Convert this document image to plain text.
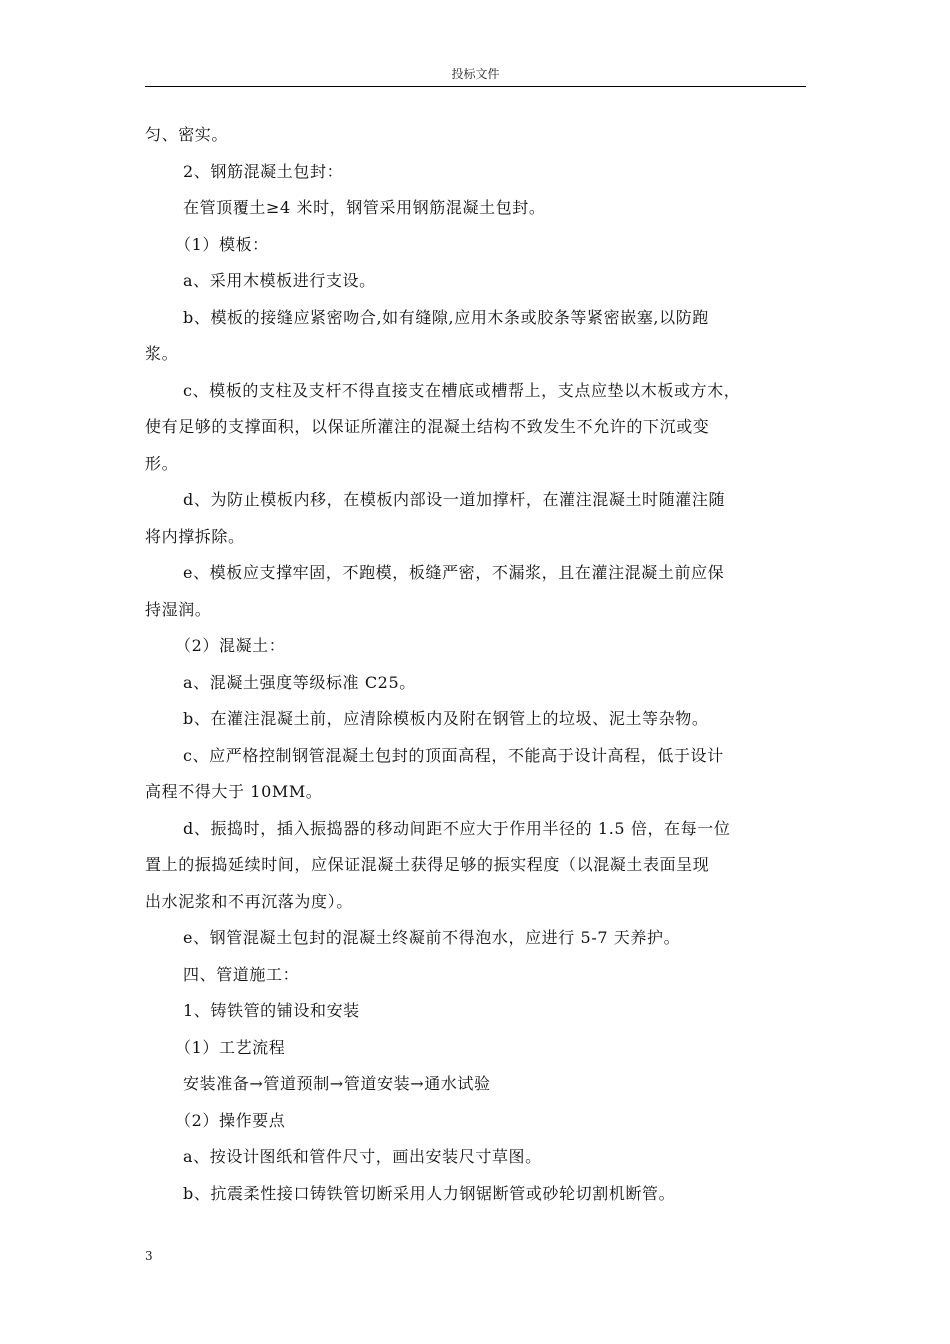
投标文件

匀、密实。

2、钢筋混凝土包封：

在管顶覆土≥4 米时，钢管采用钢筋混凝土包封。

（1）模板：

a、采用木模板进行支设。

b、模板的接缝应紧密吻合,如有缝隙,应用木条或胶条等紧密嵌塞,以防跑

浆。

c、模板的支柱及支杆不得直接支在槽底或槽帮上，支点应垫以木板或方木，

使有足够的支撑面积，以保证所灌注的混凝土结构不致发生不允许的下沉或变

形。

d、为防止模板内移，在模板内部设一道加撑杆，在灌注混凝土时随灌注随

将内撑拆除。

e、模板应支撑牢固，不跑模，板缝严密，不漏浆，且在灌注混凝土前应保

持湿润。

（2）混凝土：

a、混凝土强度等级标准 C25。

b、在灌注混凝土前，应清除模板内及附在钢管上的垃圾、泥土等杂物。

c、应严格控制钢管混凝土包封的顶面高程，不能高于设计高程，低于设计

高程不得大于 10MM。

d、振捣时，插入振捣器的移动间距不应大于作用半径的 1.5 倍，在每一位

置上的振捣延续时间，应保证混凝土获得足够的振实程度（以混凝土表面呈现

出水泥浆和不再沉落为度）。

e、钢管混凝土包封的混凝土终凝前不得泡水，应进行 5-7 天养护。

四、管道施工：

1、铸铁管的铺设和安装

（1）工艺流程

安装准备→管道预制→管道安装→通水试验

（2）操作要点

a、按设计图纸和管件尺寸，画出安装尺寸草图。

b、抗震柔性接口铸铁管切断采用人力钢锯断管或砂轮切割机断管。

3
